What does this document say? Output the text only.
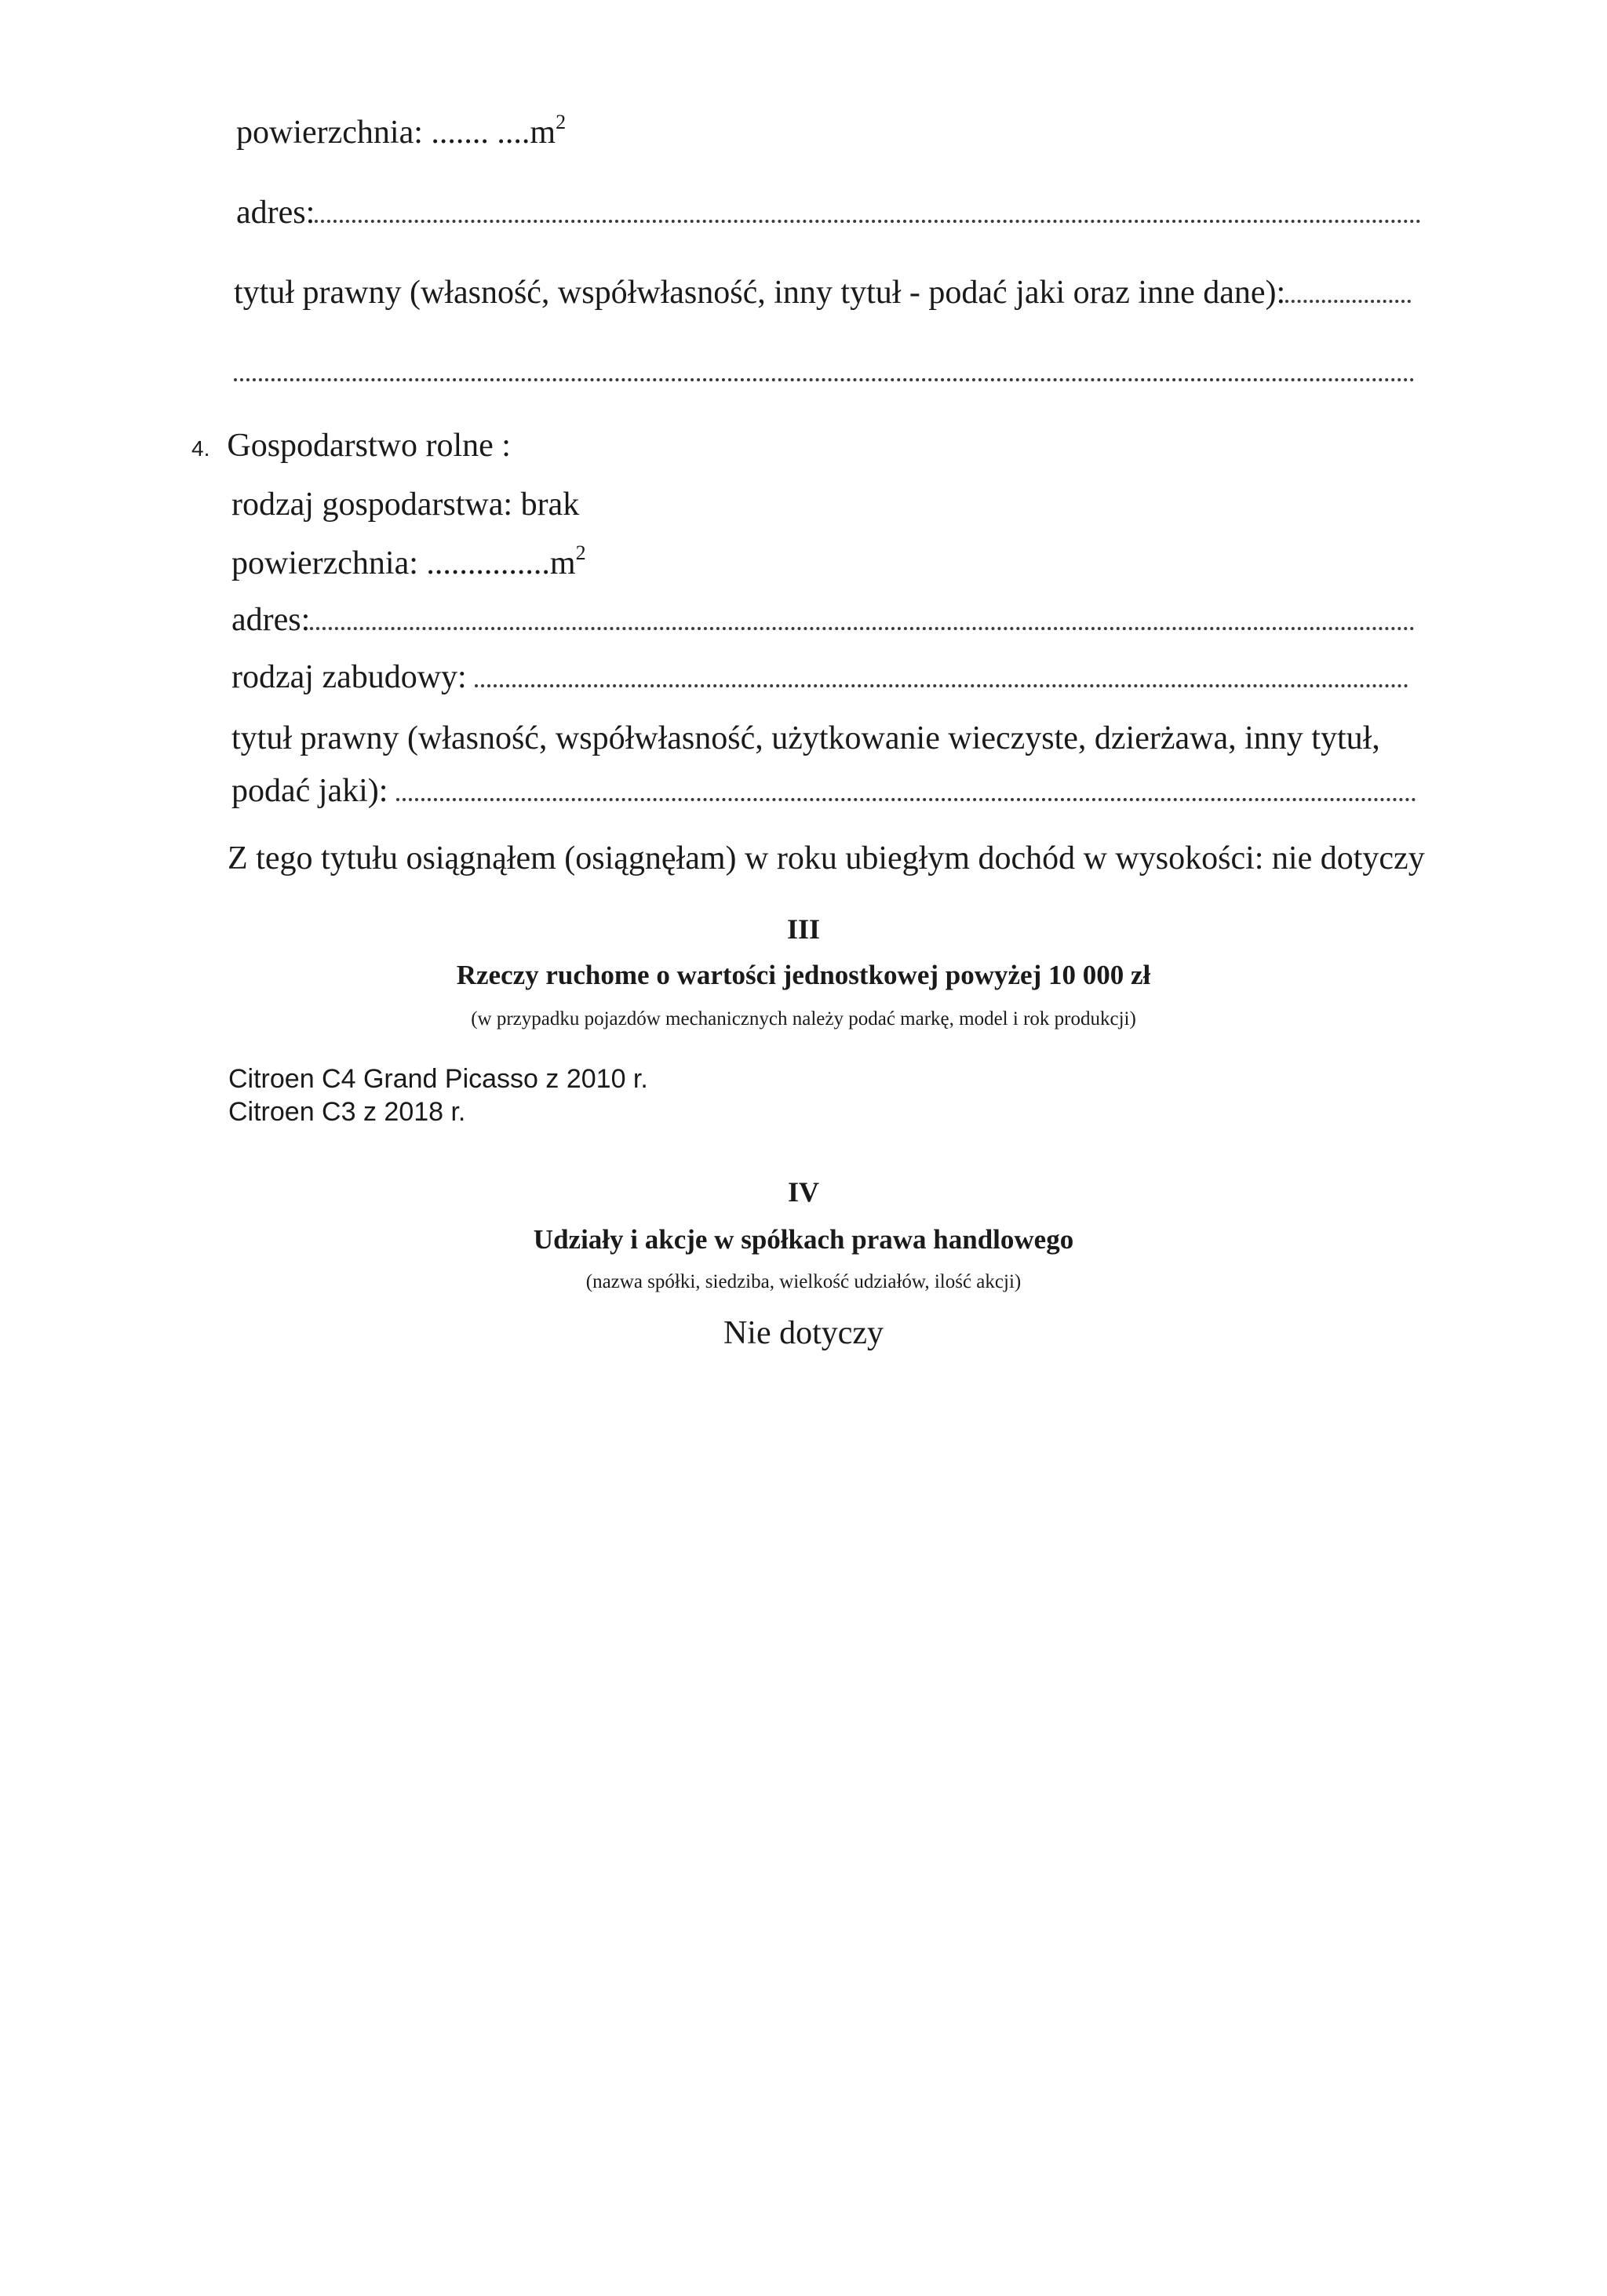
powierzchnia: ....... $....m^2$
adres:
tytuł prawny (własność, współwłasność, inny tytuł - podać jaki oraz inne dane):
4. Gospodarstwo rolne :
rodzaj gospodarstwa: brak
powierzchnia: $...............m^2$
adres:
rodzaj zabudowy:
tytuł prawny (własność, współwłasność, użytkowanie wieczyste, dzierżawa, inny tytuł,
podać jaki):
Z tego tytułu osiągnąłem (osiągnęłam) w roku ubiegłym dochód w wysokości: nie dotyczy
III
Rzeczy ruchome o wartości jednostkowej powyżej 10 000 zł
(w przypadku pojazdów mechanicznych należy podać markę, model i rok produkcji)
Citroen C4 Grand Picasso z 2010 r.
Citroen C3 z 2018 r.
IV
Udziały i akcje w spółkach prawa handlowego
(nazwa spółki, siedziba, wielkość udziałów, ilość akcji)
Nie dotyczy
